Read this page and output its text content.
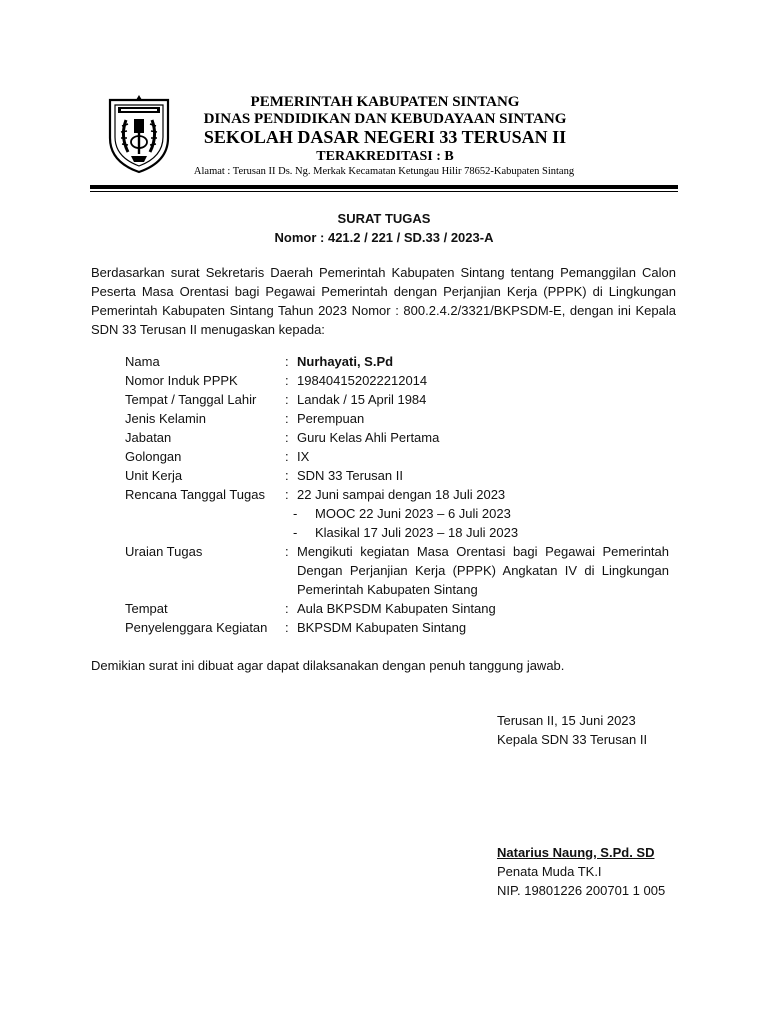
PEMERINTAH KABUPATEN SINTANG
DINAS PENDIDIKAN DAN KEBUDAYAAN SINTANG
SEKOLAH DASAR NEGERI 33 TERUSAN II
TERAKREDITASI : B
Alamat : Terusan II Ds. Ng. Merkak Kecamatan Ketungau Hilir 78652-Kabupaten Sintang
SURAT TUGAS
Nomor : 421.2 / 221 / SD.33 / 2023-A

Berdasarkan surat Sekretaris Daerah Pemerintah Kabupaten Sintang tentang Pemanggilan Calon Peserta Masa Orentasi bagi Pegawai Pemerintah dengan Perjanjian Kerja (PPPK) di Lingkungan Pemerintah Kabupaten Sintang Tahun 2023 Nomor : 800.2.4.2/3321/BKPSDM-E, dengan ini Kepala SDN 33 Terusan II menugaskan kepada:

Nama	: Nurhayati, S.Pd
Nomor Induk PPPK	: 198404152022212014
Tempat / Tanggal Lahir : Landak / 15 April 1984
Jenis Kelamin	: Perempuan
Jabatan	: Guru Kelas Ahli Pertama
Golongan	: IX
Unit Kerja	: SDN 33 Terusan II
Rencana Tanggal Tugas : 22 Juni sampai dengan 18 Juli 2023
- MOOC 22 Juni 2023 – 6 Juli 2023
- Klasikal 17 Juli 2023 – 18 Juli 2023
Uraian Tugas	: Mengikuti kegiatan Masa Orentasi bagi Pegawai Pemerintah Dengan Perjanjian Kerja (PPPK) Angkatan IV di Lingkungan Pemerintah Kabupaten Sintang
Tempat	: Aula BKPSDM Kabupaten Sintang
Penyelenggara Kegiatan : BKPSDM Kabupaten Sintang

Demikian surat ini dibuat agar dapat dilaksanakan dengan penuh tanggung jawab.

Terusan II, 15 Juni 2023
Kepala SDN 33 Terusan II
Natarius Naung, S.Pd. SD
Penata Muda TK.I
NIP. 19801226 200701 1 005
